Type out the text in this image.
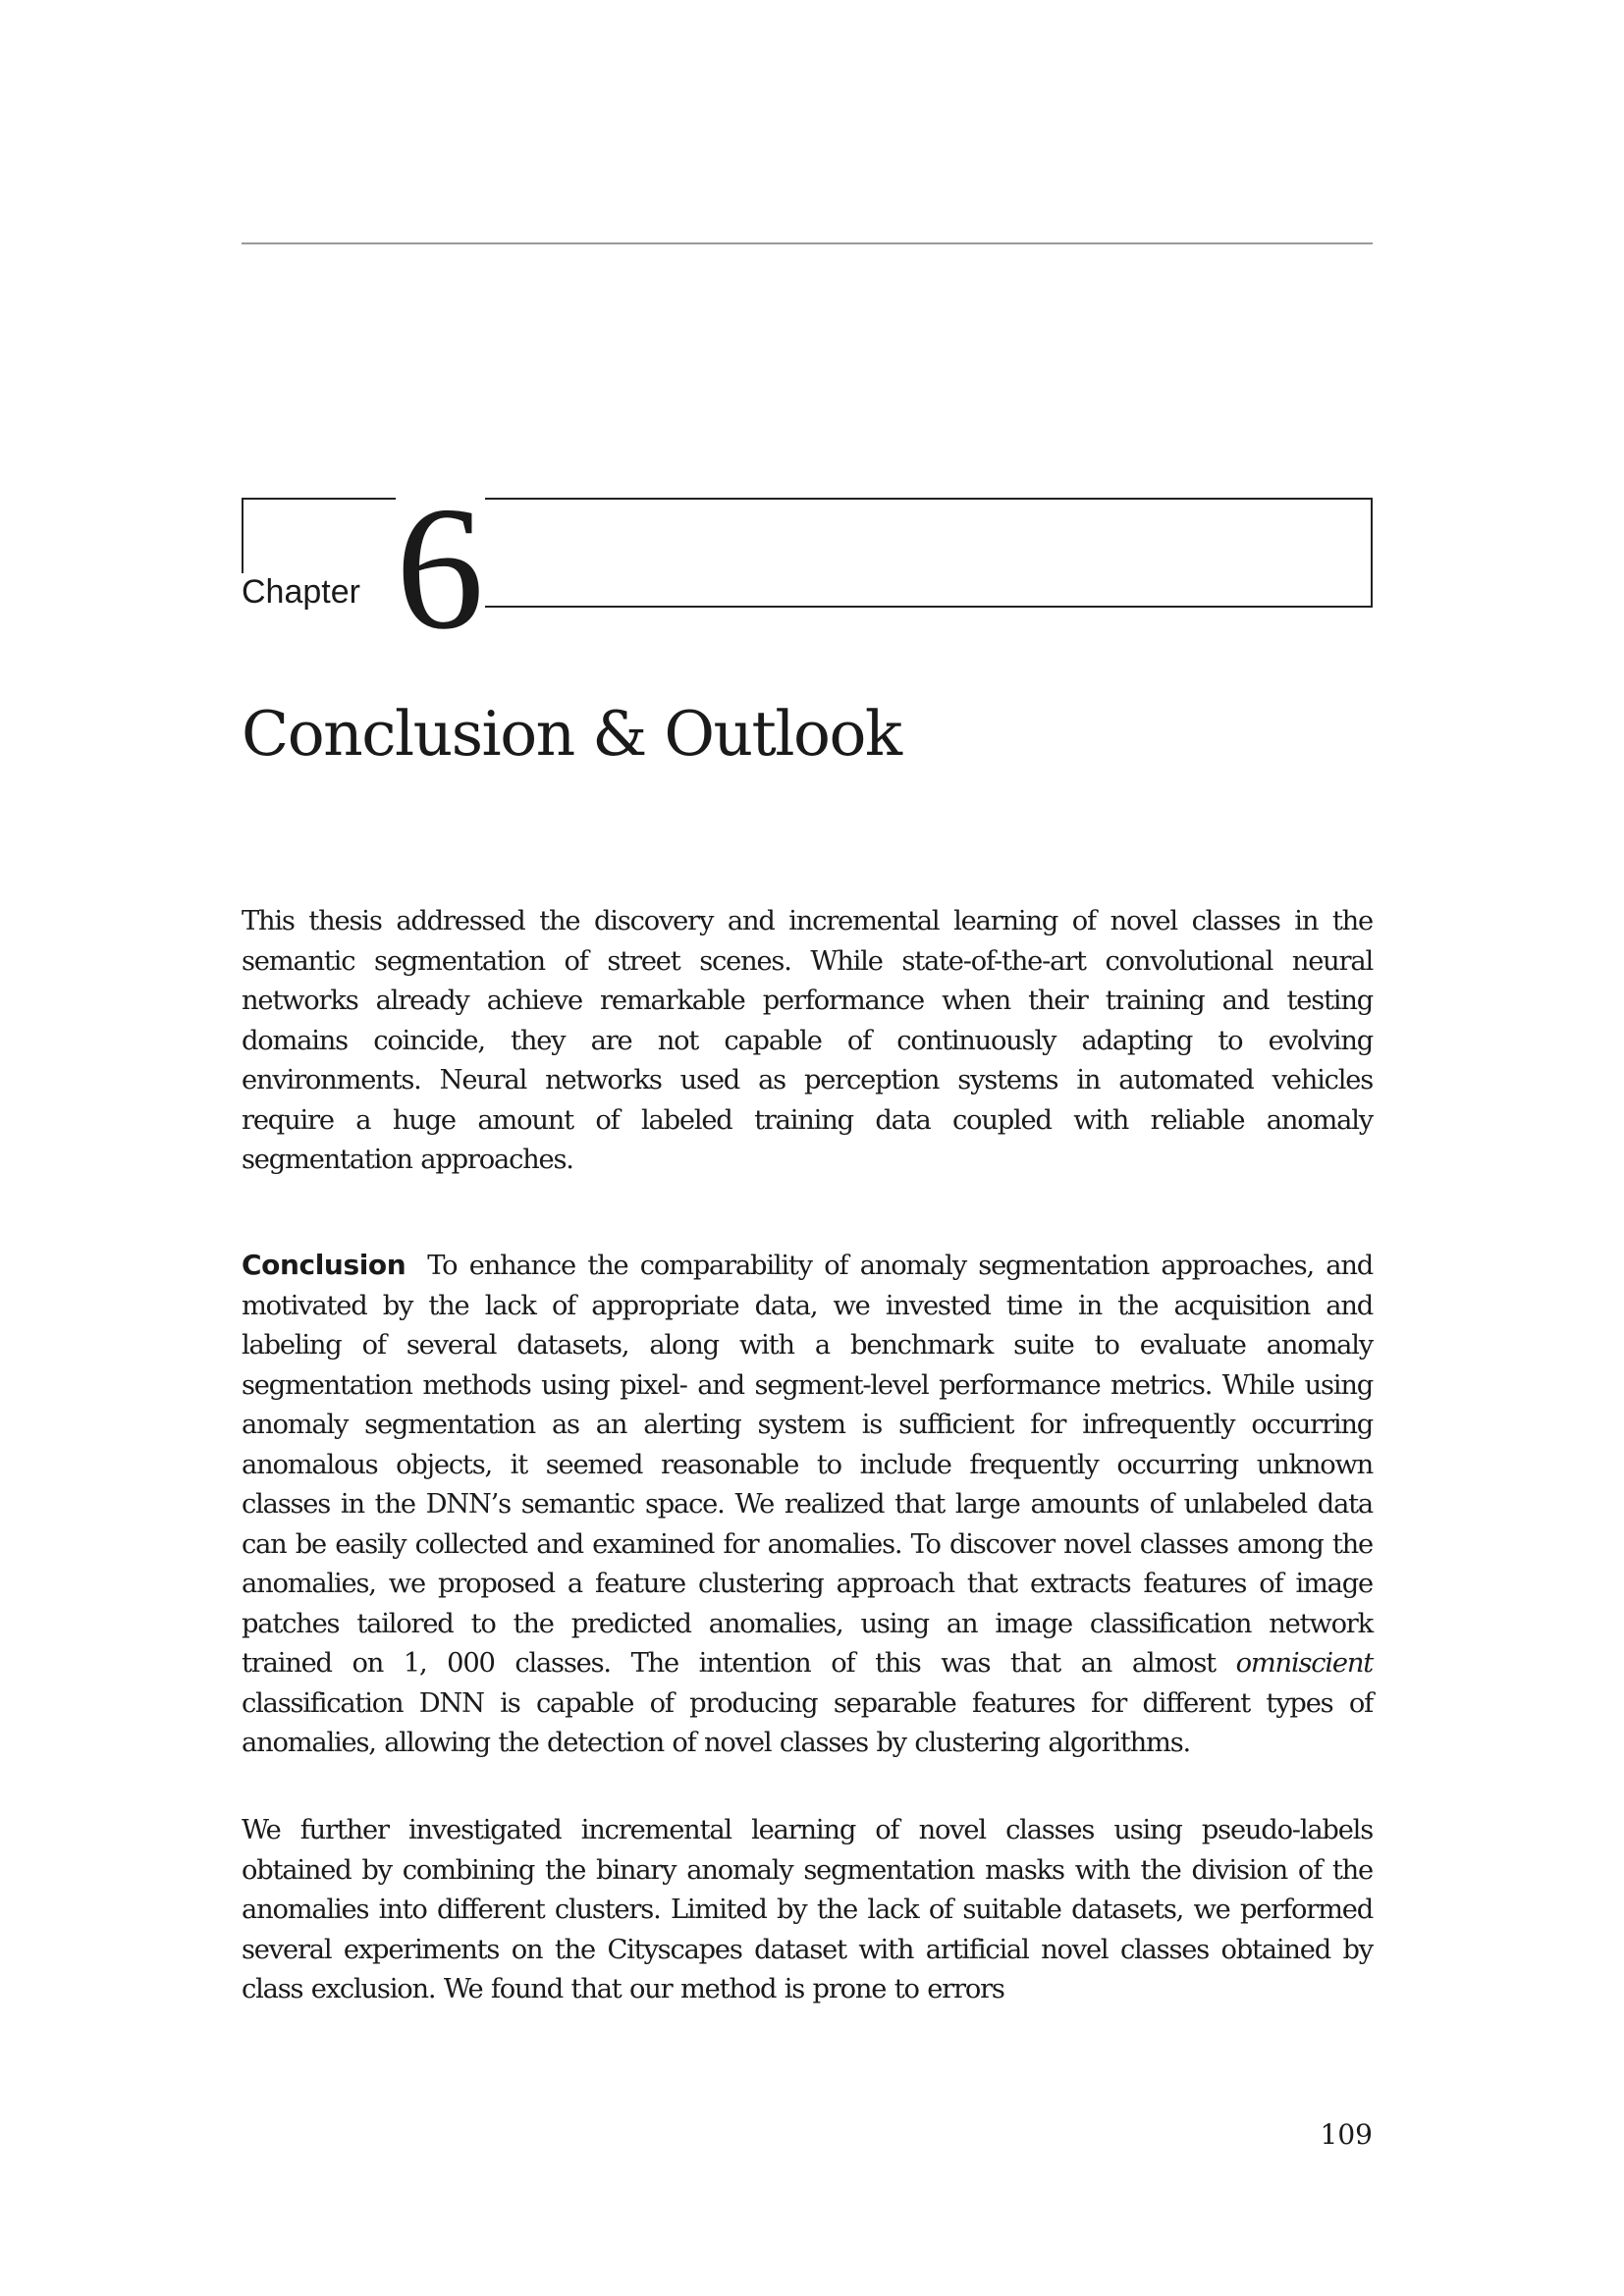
Chapter 6
Conclusion & Outlook

This thesis addressed the discovery and incremental learning of novel classes in the semantic segmentation of street scenes. While state-of-the-art convolutional neural networks already achieve remarkable performance when their training and testing domains coincide, they are not capable of continuously adapting to evolving environments. Neural networks used as perception systems in automated vehicles require a huge amount of labeled training data coupled with reliable anomaly segmentation approaches.

Conclusion To enhance the comparability of anomaly segmentation approaches, and motivated by the lack of appropriate data, we invested time in the acquisition and labeling of several datasets, along with a benchmark suite to evaluate anomaly segmentation methods using pixel- and segment-level performance metrics. While using anomaly segmentation as an alerting system is sufficient for infrequently occurring anomalous objects, it seemed reasonable to include frequently occurring unknown classes in the DNN’s semantic space. We realized that large amounts of unlabeled data can be easily collected and examined for anomalies. To discover novel classes among the anomalies, we proposed a feature clustering approach that extracts features of image patches tailored to the predicted anomalies, using an image classification network trained on 1, 000 classes. The intention of this was that an almost omniscient classification DNN is capable of producing separable features for different types of anomalies, allowing the detection of novel classes by clustering algorithms.

We further investigated incremental learning of novel classes using pseudo-labels obtained by combining the binary anomaly segmentation masks with the division of the anomalies into different clusters. Limited by the lack of suitable datasets, we performed several experiments on the Cityscapes dataset with artificial novel classes obtained by class exclusion. We found that our method is prone to errors

109
